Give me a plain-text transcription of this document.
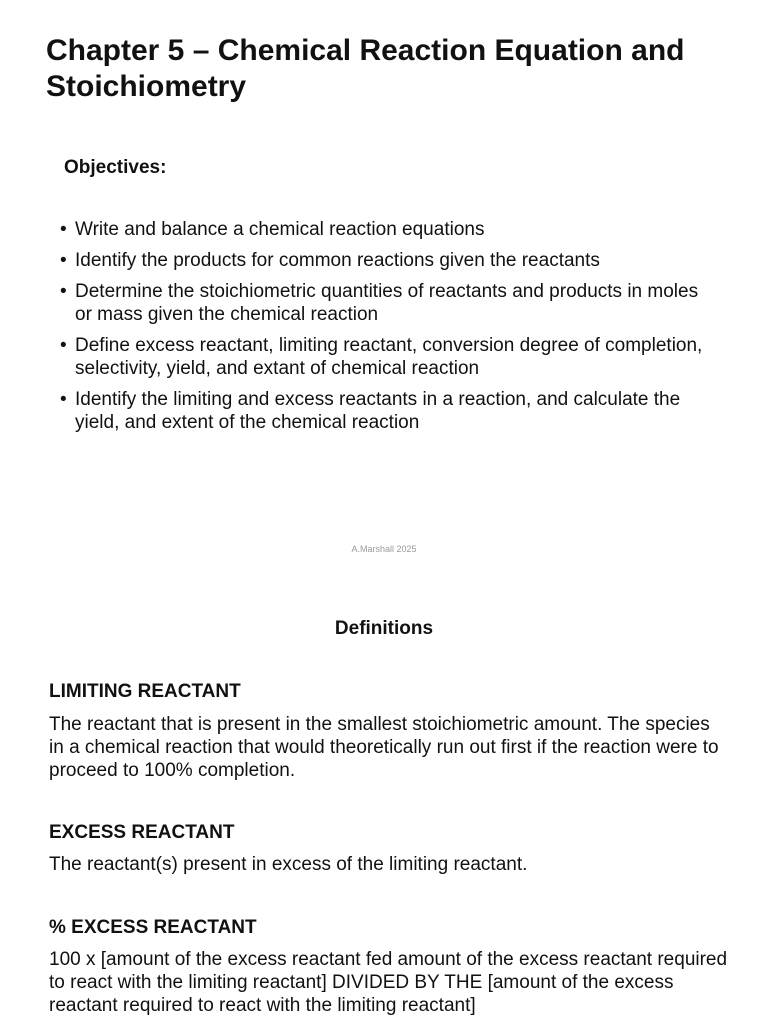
Chapter 5 – Chemical Reaction Equation and Stoichiometry
Objectives:
• Write and balance a chemical reaction equations
• Identify the products for common reactions given the reactants
• Determine the stoichiometric quantities of reactants and products in moles or mass given the chemical reaction
• Define excess reactant, limiting reactant, conversion degree of completion, selectivity, yield, and extant of chemical reaction
• Identify the limiting and excess reactants in a reaction, and calculate the yield, and extent of the chemical reaction

A.Marshall 2025

Definitions
LIMITING REACTANT

The reactant that is present in the smallest stoichiometric amount. The species in a chemical reaction that would theoretically run out first if the reaction were to proceed to 100% completion.

EXCESS REACTANT

The reactant(s) present in excess of the limiting reactant.

% EXCESS REACTANT

100 x [amount of the excess reactant fed amount of the excess reactant required to react with the limiting reactant] DIVIDED BY THE [amount of the excess reactant required to react with the limiting reactant]
